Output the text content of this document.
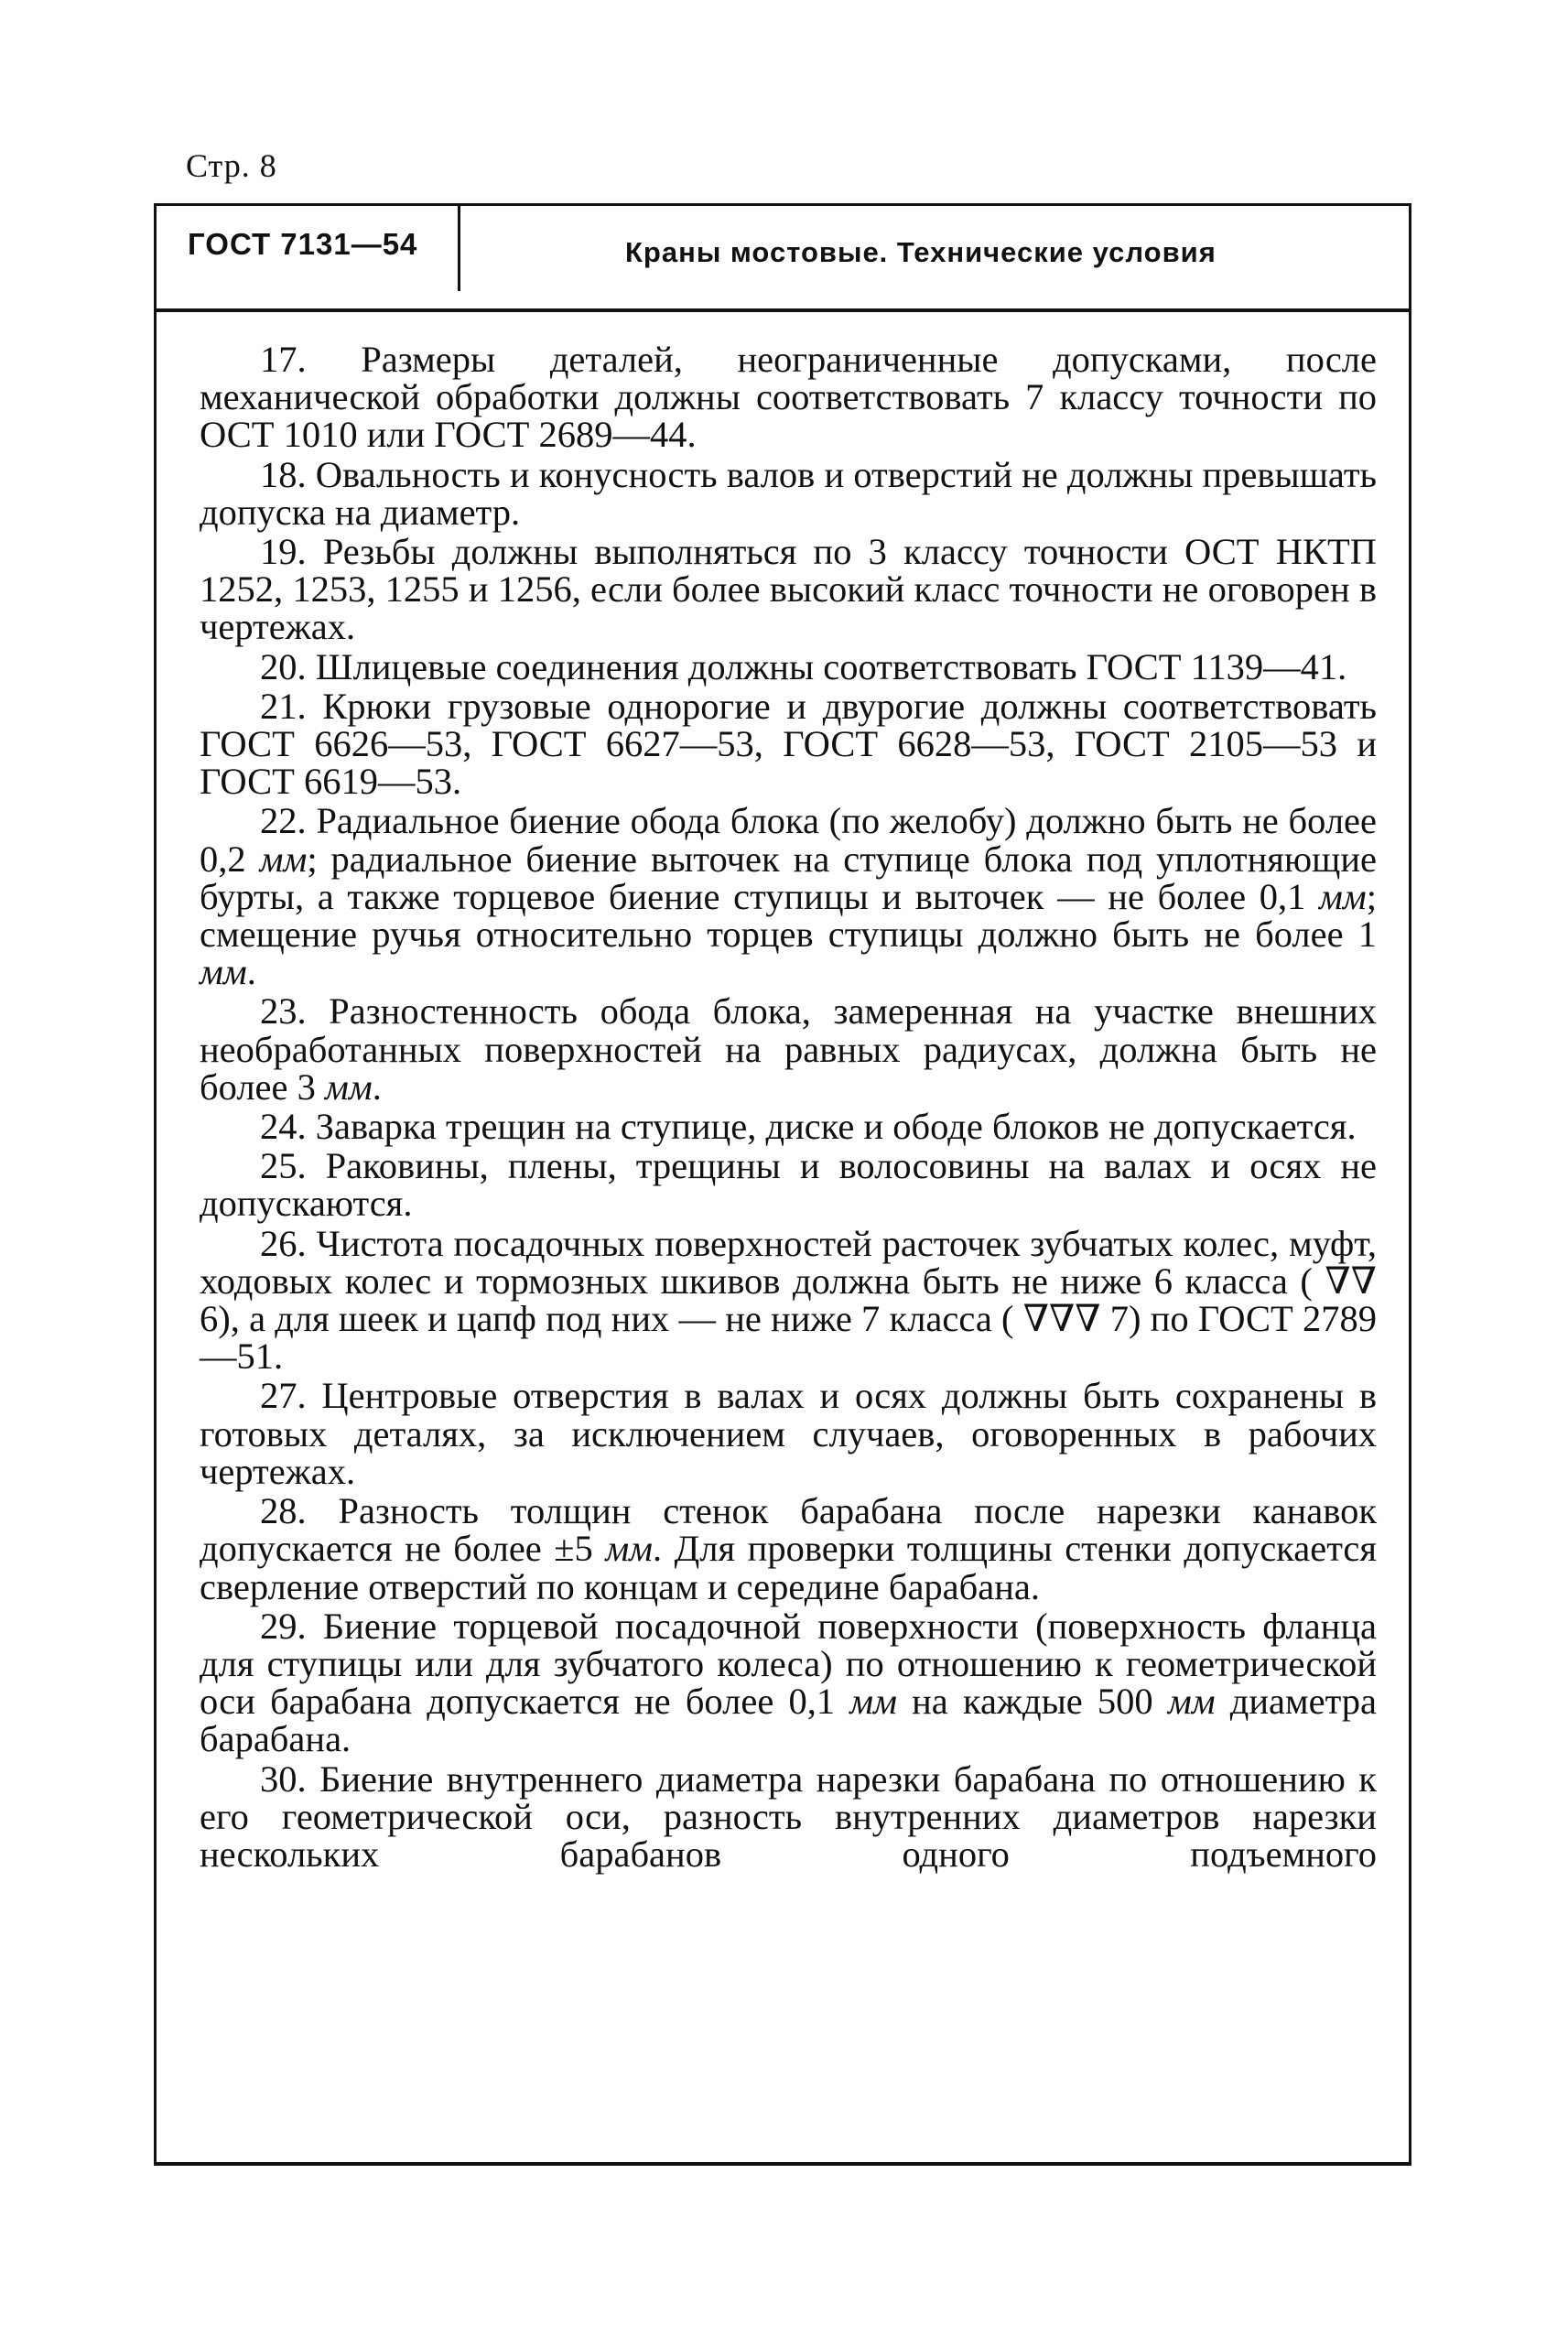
Стр. 8
ГОСТ 7131—54	Краны мостовые. Технические условия

17. Размеры деталей, неограниченные допусками, после механической обработки должны соответствовать 7 классу точности по ОСТ 1010 или ГОСТ 2689—44.

18. Овальность и конусность валов и отверстий не должны превышать допуска на диаметр.

19. Резьбы должны выполняться по 3 классу точности ОСТ НКТП 1252, 1253, 1255 и 1256, если более высокий класс точности не оговорен в чертежах.

20. Шлицевые соединения должны соответствовать ГОСТ 1139—41.

21. Крюки грузовые однорогие и двурогие должны соответствовать ГОСТ 6626—53, ГОСТ 6627—53, ГОСТ 6628—53, ГОСТ 2105—53 и ГОСТ 6619—53.

22. Радиальное биение обода блока (по желобу) должно быть не более 0,2 мм; радиальное биение выточек на ступице блока под уплотняющие бурты, а также торцевое биение ступицы и выточек — не более 0,1 мм; смещение ручья относительно торцев ступицы должно быть не более 1 мм.

23. Разностенность обода блока, замеренная на участке внешних необработанных поверхностей на равных радиусах, должна быть не более 3 мм.

24. Заварка трещин на ступице, диске и ободе блоков не допускается.

25. Раковины, плены, трещины и волосовины на валах и осях не допускаются.

26. Чистота посадочных поверхностей расточек зубчатых колес, муфт, ходовых колес и тормозных шкивов должна быть не ниже 6 класса ( ∇∇ 6), а для шеек и цапф под них — не ниже 7 класса ( ∇∇∇ 7) по ГОСТ 2789—51.

27. Центровые отверстия в валах и осях должны быть сохранены в готовых деталях, за исключением случаев, оговоренных в рабочих чертежах.

28. Разность толщин стенок барабана после нарезки канавок допускается не более ±5 мм. Для проверки толщины стенки допускается сверление отверстий по концам и середине барабана.

29. Биение торцевой посадочной поверхности (поверхность фланца для ступицы или для зубчатого колеса) по отношению к геометрической оси барабана допускается не более 0,1 мм на каждые 500 мм диаметра барабана.

30. Биение внутреннего диаметра нарезки барабана по отношению к его геометрической оси, разность внутренних диаметров нарезки нескольких барабанов одного подъемного
